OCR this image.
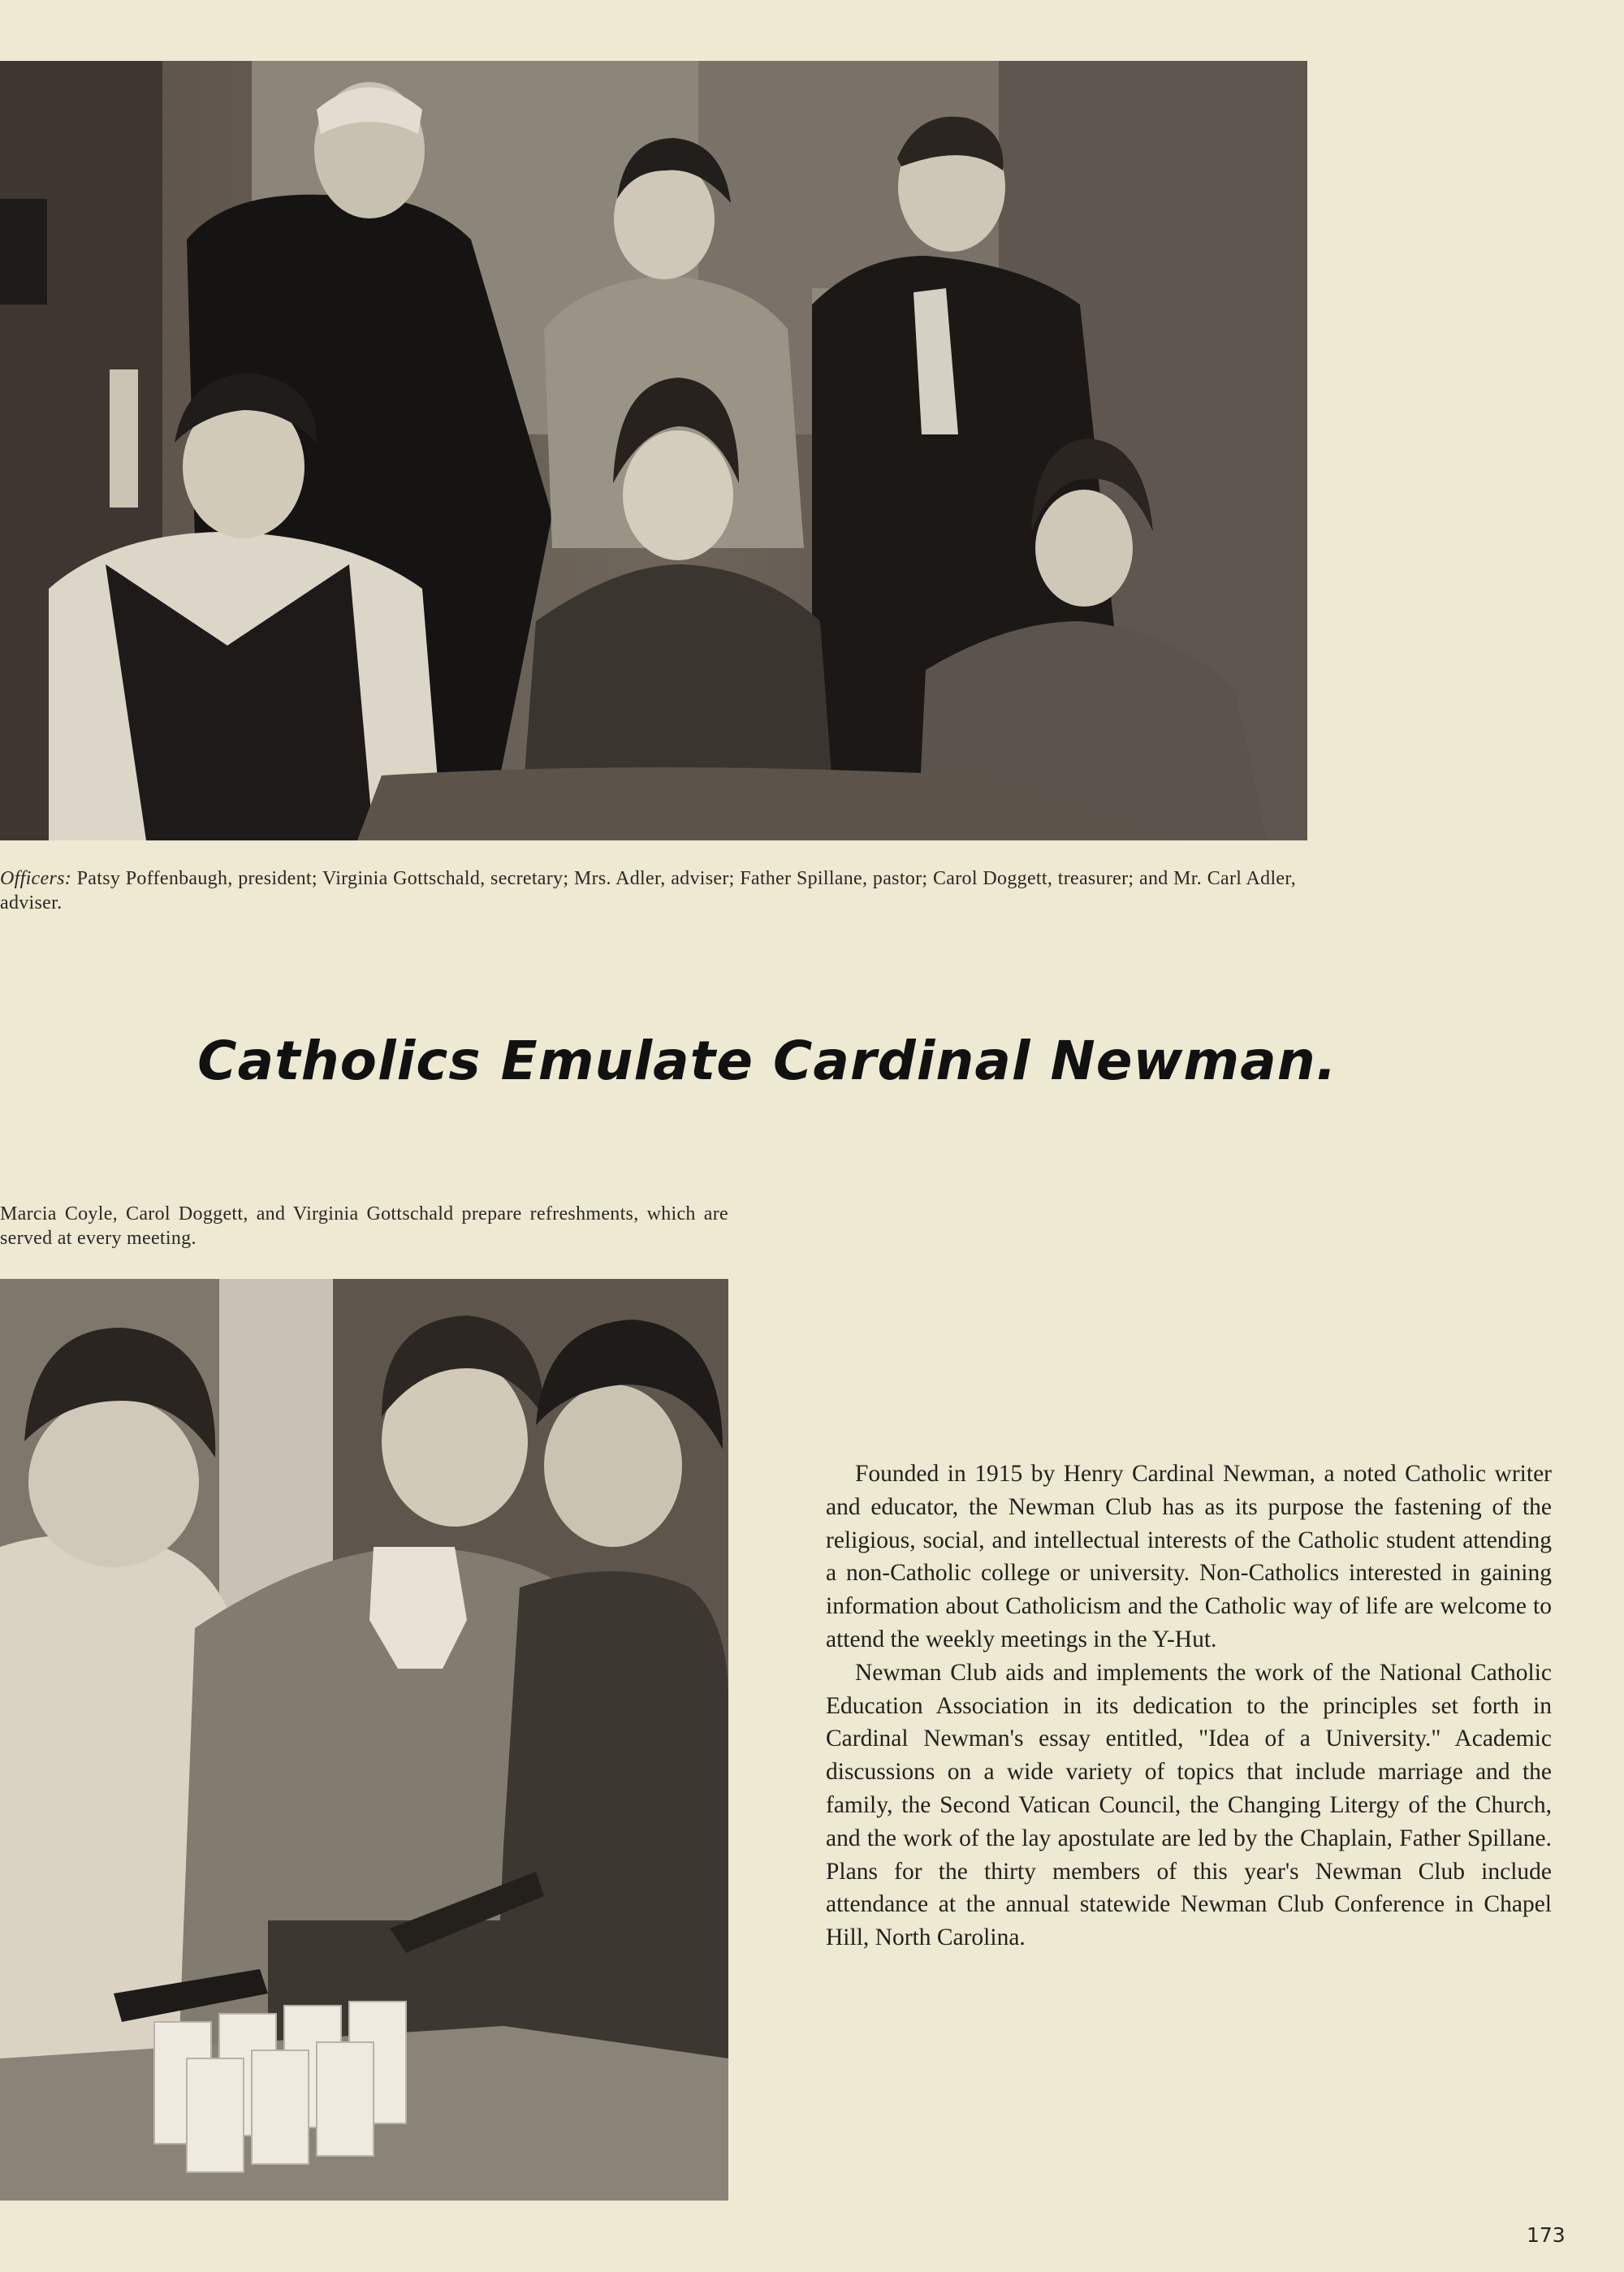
Officers: Patsy Poffenbaugh, president; Virginia Gottschald, secretary; Mrs. Adler, adviser; Father Spillane, pastor; Carol Doggett, treasurer; and Mr. Carl Adler, adviser.
Catholics Emulate Cardinal Newman.
Marcia Coyle, Carol Doggett, and Virginia Gottschald prepare refreshments, which are served at every meeting.

Founded in 1915 by Henry Cardinal Newman, a noted Catholic writer and educator, the Newman Club has as its purpose the fastening of the religious, social, and intellectual interests of the Catholic student attending a non-Catholic college or university. Non-Catholics interested in gaining information about Catholicism and the Catholic way of life are welcome to attend the weekly meetings in the Y-Hut.

Newman Club aids and implements the work of the National Catholic Education Association in its dedication to the principles set forth in Cardinal Newman's essay entitled, "Idea of a University." Academic discussions on a wide variety of topics that include marriage and the family, the Second Vatican Council, the Changing Litergy of the Church, and the work of the lay apostulate are led by the Chaplain, Father Spillane. Plans for the thirty members of this year's Newman Club include attendance at the annual statewide Newman Club Conference in Chapel Hill, North Carolina.

173
